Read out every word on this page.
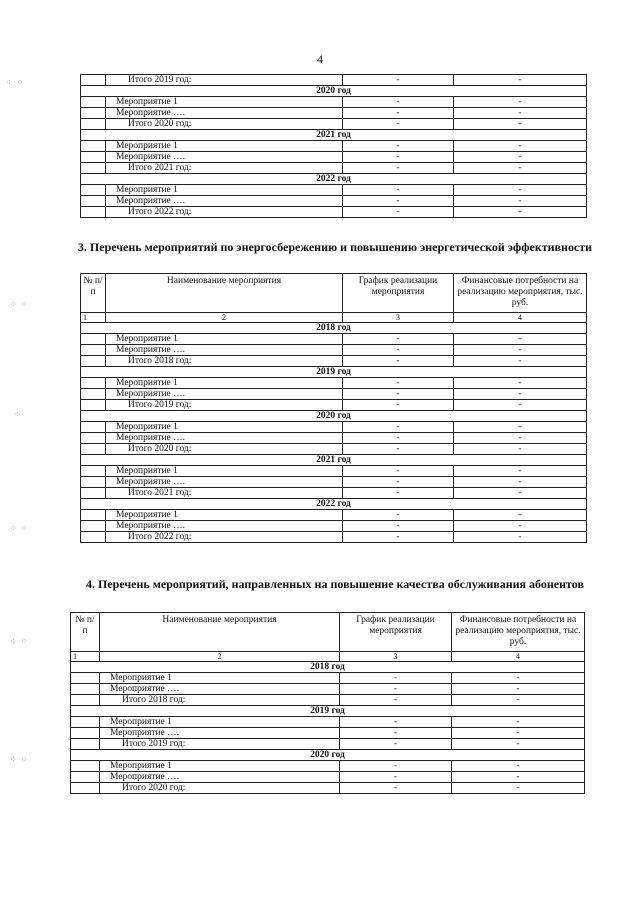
4
⁘ ⁘
⁘ ⁘
⁘
⁘ ⁘
⁘ ⁘
⁘ ⁘
	Итого 2019 год:	-	-
2020 год			
	Мероприятие 1	-	-
	Мероприятие ….	-	-
	Итого 2020 год:	-	-
2021 год			
	Мероприятие 1	-	-
	Мероприятие ….	-	-
	Итого 2021 год:	-	-
2022 год			
	Мероприятие 1	-	-
	Мероприятие ….	-	-
	Итого 2022 год:	-	-
3. Перечень мероприятий по энергосбережению и повышению энергетической эффективности
№ п/п	Наименование мероприятия	График реализации мероприятия	Финансовые потребности на реализацию мероприятия, тыс. руб.
1	2	3	4
2018 год			
	Мероприятие 1	-	-
	Мероприятие ….	-	-
	Итого 2018 год:	-	-
2019 год			
	Мероприятие 1	-	-
	Мероприятие ….	-	-
	Итого 2019 год:	-	-
2020 год			
	Мероприятие 1	-	-
	Мероприятие ….	-	-
	Итого 2020 год:	-	-
2021 год			
	Мероприятие 1	-	-
	Мероприятие ….	-	-
	Итого 2021 год:	-	-
2022 год			
	Мероприятие 1	-	-
	Мероприятие ….	-	-
	Итого 2022 год:	-	-
4. Перечень мероприятий, направленных на повышение качества обслуживания абонентов
№ п/п	Наименование мероприятия	График реализации мероприятия	Финансовые потребности на реализацию мероприятия, тыс. руб.
1	2	3	4
2018 год			
	Мероприятие 1	-	-
	Мероприятие ….	-	-
	Итого 2018 год:	-	-
2019 год			
	Мероприятие 1	-	-
	Мероприятие ….	-	-
	Итого 2019 год:	-	-
2020 год			
	Мероприятие 1	-	-
	Мероприятие ….	-	-
	Итого 2020 год:	-	-
